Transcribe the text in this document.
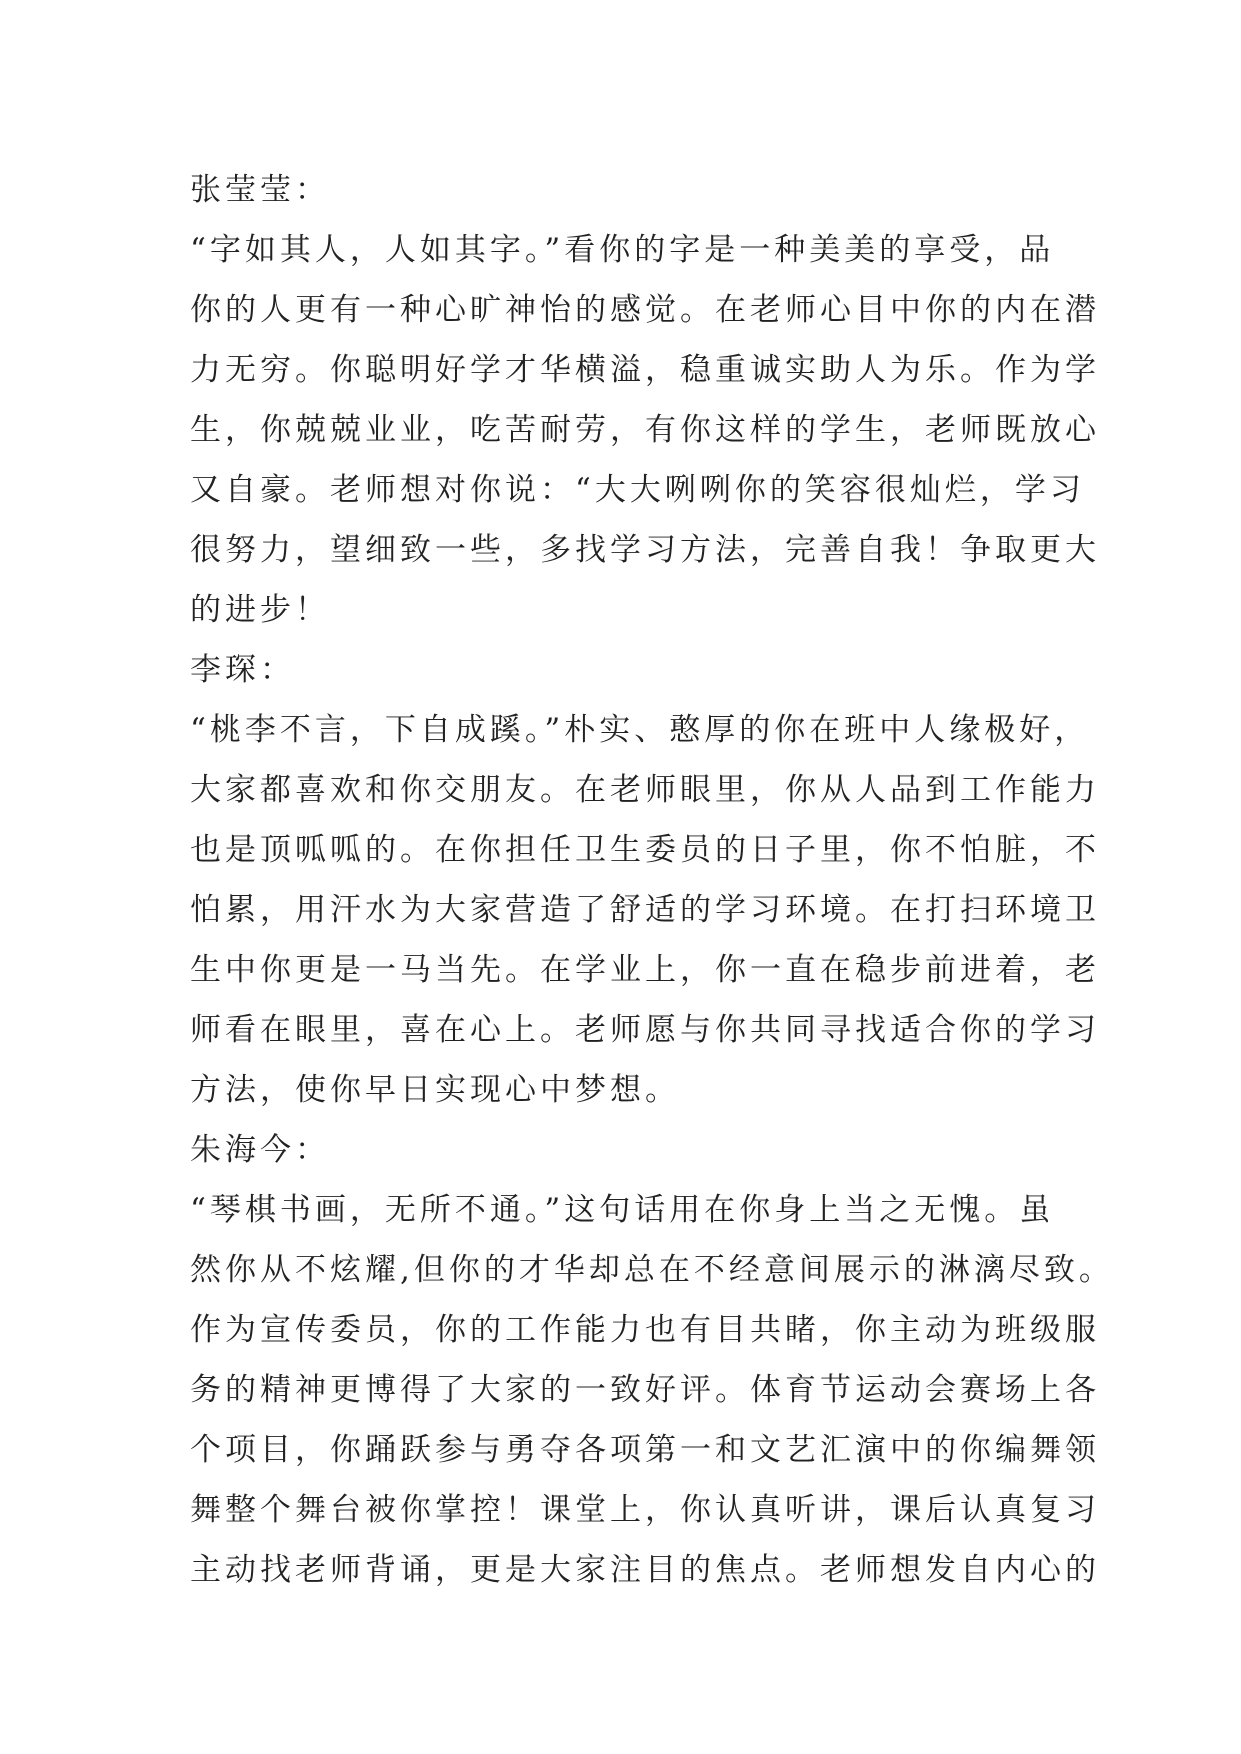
张莹莹：
“字如其人，人如其字。”看你的字是一种美美的享受，品
你的人更有一种心旷神怡的感觉。在老师心目中你的内在潜
力无穷。你聪明好学才华横溢，稳重诚实助人为乐。作为学
生，你兢兢业业，吃苦耐劳，有你这样的学生，老师既放心
又自豪。老师想对你说：“大大咧咧你的笑容很灿烂，学习
很努力，望细致一些，多找学习方法，完善自我！争取更大
的进步！
李琛：
“桃李不言，下自成蹊。”朴实、憨厚的你在班中人缘极好，
大家都喜欢和你交朋友。在老师眼里，你从人品到工作能力
也是顶呱呱的。在你担任卫生委员的日子里，你不怕脏，不
怕累，用汗水为大家营造了舒适的学习环境。在打扫环境卫
生中你更是一马当先。在学业上，你一直在稳步前进着，老
师看在眼里，喜在心上。老师愿与你共同寻找适合你的学习
方法，使你早日实现心中梦想。
朱海今：
“琴棋书画，无所不通。”这句话用在你身上当之无愧。虽
然你从不炫耀,但你的才华却总在不经意间展示的淋漓尽致。
作为宣传委员，你的工作能力也有目共睹，你主动为班级服
务的精神更博得了大家的一致好评。体育节运动会赛场上各
个项目，你踊跃参与勇夺各项第一和文艺汇演中的你编舞领
舞整个舞台被你掌控！课堂上，你认真听讲，课后认真复习
主动找老师背诵，更是大家注目的焦点。老师想发自内心的
